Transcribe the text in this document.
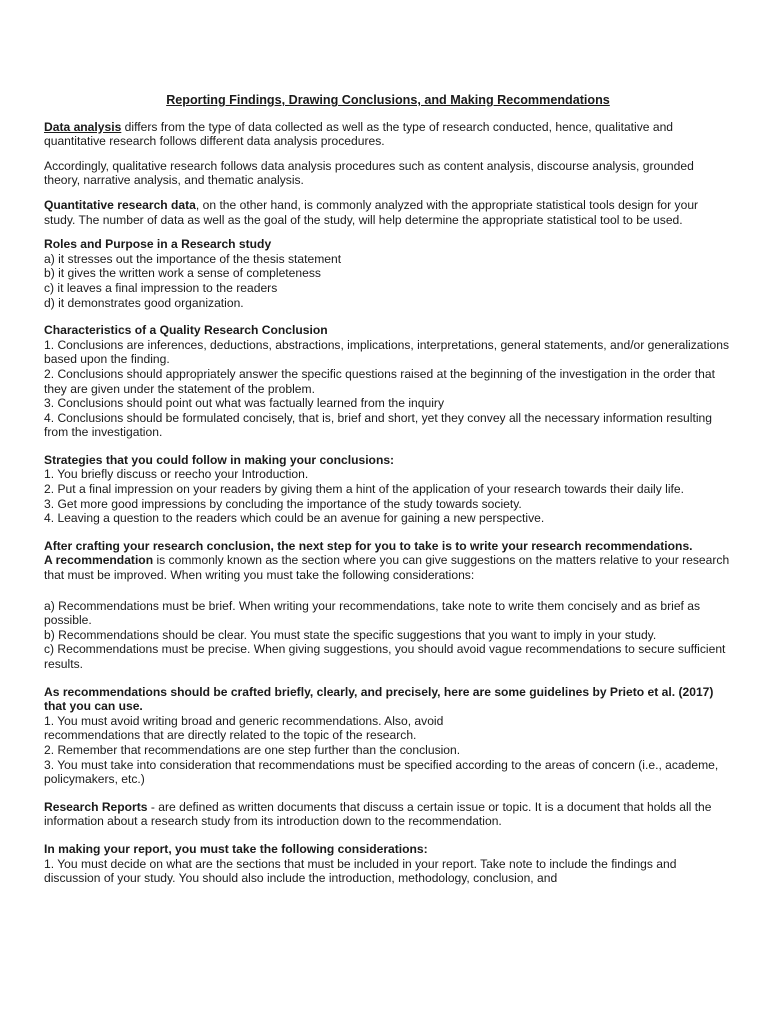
Reporting Findings, Drawing Conclusions, and Making Recommendations

Data analysis differs from the type of data collected as well as the type of research conducted, hence, qualitative and quantitative research follows different data analysis procedures.

Accordingly, qualitative research follows data analysis procedures such as content analysis, discourse analysis, grounded theory, narrative analysis, and thematic analysis.

Quantitative research data, on the other hand, is commonly analyzed with the appropriate statistical tools design for your study. The number of data as well as the goal of the study, will help determine the appropriate statistical tool to be used.

Roles and Purpose in a Research study
a) it stresses out the importance of the thesis statement
b) it gives the written work a sense of completeness
c) it leaves a final impression to the readers
d) it demonstrates good organization.
Characteristics of a Quality Research Conclusion
1. Conclusions are inferences, deductions, abstractions, implications, interpretations, general statements, and/or generalizations based upon the finding.
2. Conclusions should appropriately answer the specific questions raised at the beginning of the investigation in the order that they are given under the statement of the problem.
3. Conclusions should point out what was factually learned from the inquiry
4. Conclusions should be formulated concisely, that is, brief and short, yet they convey all the necessary information resulting from the investigation.
Strategies that you could follow in making your conclusions:
1. You briefly discuss or reecho your Introduction.
2. Put a final impression on your readers by giving them a hint of the application of your research towards their daily life.
3. Get more good impressions by concluding the importance of the study towards society.
4. Leaving a question to the readers which could be an avenue for gaining a new perspective.
After crafting your research conclusion, the next step for you to take is to write your research recommendations.

A recommendation is commonly known as the section where you can give suggestions on the matters relative to your research that must be improved. When writing you must take the following considerations:

a) Recommendations must be brief. When writing your recommendations, take note to write them concisely and as brief as possible.
b) Recommendations should be clear. You must state the specific suggestions that you want to imply in your study.
c) Recommendations must be precise. When giving suggestions, you should avoid vague recommendations to secure sufficient results.
As recommendations should be crafted briefly, clearly, and precisely, here are some guidelines by Prieto et al. (2017) that you can use.
1. You must avoid writing broad and generic recommendations. Also, avoid
recommendations that are directly related to the topic of the research.
2. Remember that recommendations are one step further than the conclusion.
3. You must take into consideration that recommendations must be specified according to the areas of concern (i.e., academe, policymakers, etc.)

Research Reports - are defined as written documents that discuss a certain issue or topic. It is a document that holds all the information about a research study from its introduction down to the recommendation.

In making your report, you must take the following considerations:
1. You must decide on what are the sections that must be included in your report. Take note to include the findings and discussion of your study. You should also include the introduction, methodology, conclusion, and
